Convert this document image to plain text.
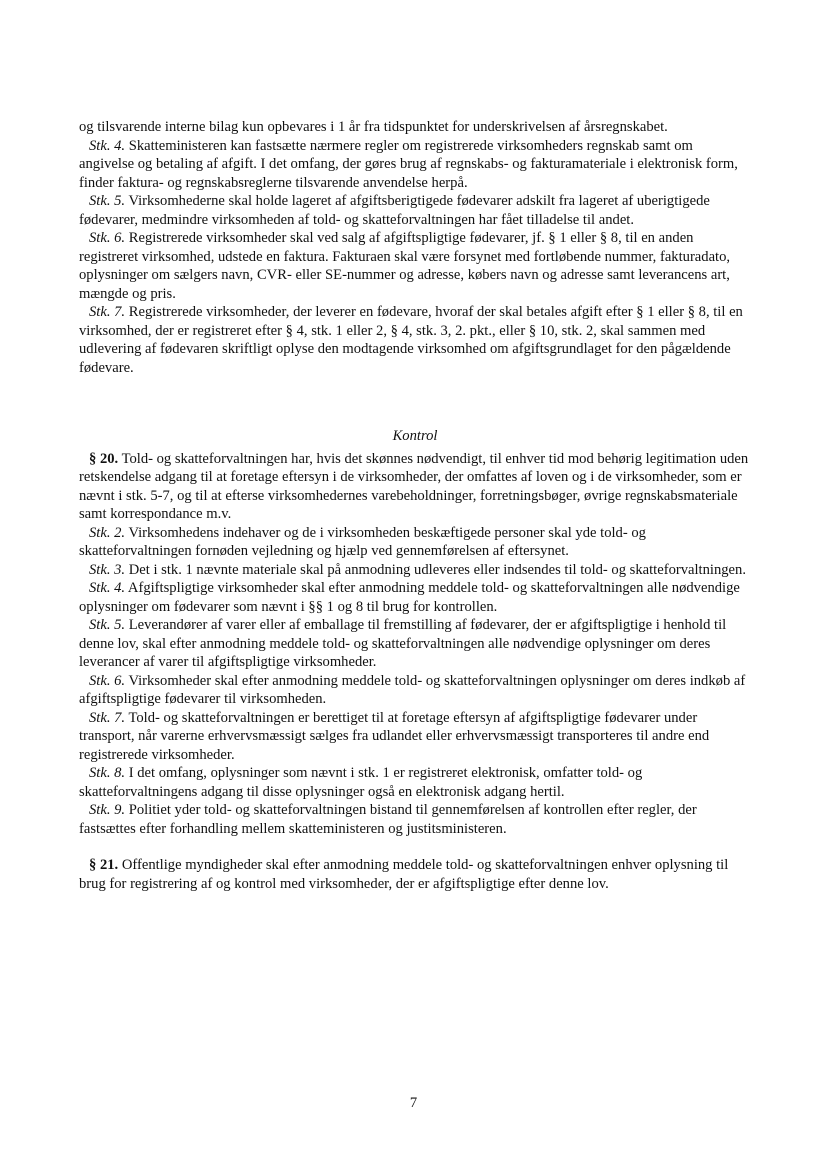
og tilsvarende interne bilag kun opbevares i 1 år fra tidspunktet for underskrivelsen af årsregnskabet.

Stk. 4. Skatteministeren kan fastsætte nærmere regler om registrerede virksomheders regnskab samt om angivelse og betaling af afgift. I det omfang, der gøres brug af regnskabs- og fakturamateriale i elektronisk form, finder faktura- og regnskabsreglerne tilsvarende anvendelse herpå.

Stk. 5. Virksomhederne skal holde lageret af afgiftsberigtigede fødevarer adskilt fra lageret af uberigtigede fødevarer, medmindre virksomheden af told- og skatteforvaltningen har fået tilladelse til andet.

Stk. 6. Registrerede virksomheder skal ved salg af afgiftspligtige fødevarer, jf. § 1 eller § 8, til en anden registreret virksomhed, udstede en faktura. Fakturaen skal være forsynet med fortløbende nummer, fakturadato, oplysninger om sælgers navn, CVR- eller SE-nummer og adresse, købers navn og adresse samt leverancens art, mængde og pris.

Stk. 7. Registrerede virksomheder, der leverer en fødevare, hvoraf der skal betales afgift efter § 1 eller § 8, til en virksomhed, der er registreret efter § 4, stk. 1 eller 2, § 4, stk. 3, 2. pkt., eller § 10, stk. 2, skal sammen med udlevering af fødevaren skriftligt oplyse den modtagende virksomhed om afgiftsgrundlaget for den pågældende fødevare.

Kontrol

§ 20. Told- og skatteforvaltningen har, hvis det skønnes nødvendigt, til enhver tid mod behørig legitimation uden retskendelse adgang til at foretage eftersyn i de virksomheder, der omfattes af loven og i de virksomheder, som er nævnt i stk. 5-7, og til at efterse virksomhedernes varebeholdninger, forretningsbøger, øvrige regnskabsmateriale samt korrespondance m.v.

Stk. 2. Virksomhedens indehaver og de i virksomheden beskæftigede personer skal yde told- og skatteforvaltningen fornøden vejledning og hjælp ved gennemførelsen af eftersynet.

Stk. 3. Det i stk. 1 nævnte materiale skal på anmodning udleveres eller indsendes til told- og skatteforvaltningen.

Stk. 4. Afgiftspligtige virksomheder skal efter anmodning meddele told- og skatteforvaltningen alle nødvendige oplysninger om fødevarer som nævnt i §§ 1 og 8 til brug for kontrollen.

Stk. 5. Leverandører af varer eller af emballage til fremstilling af fødevarer, der er afgiftspligtige i henhold til denne lov, skal efter anmodning meddele told- og skatteforvaltningen alle nødvendige oplysninger om deres leverancer af varer til afgiftspligtige virksomheder.

Stk. 6. Virksomheder skal efter anmodning meddele told- og skatteforvaltningen oplysninger om deres indkøb af afgiftspligtige fødevarer til virksomheden.

Stk. 7. Told- og skatteforvaltningen er berettiget til at foretage eftersyn af afgiftspligtige fødevarer under transport, når varerne erhvervsmæssigt sælges fra udlandet eller erhvervsmæssigt transporteres til andre end registrerede virksomheder.

Stk. 8. I det omfang, oplysninger som nævnt i stk. 1 er registreret elektronisk, omfatter told- og skatteforvaltningens adgang til disse oplysninger også en elektronisk adgang hertil.

Stk. 9. Politiet yder told- og skatteforvaltningen bistand til gennemførelsen af kontrollen efter regler, der fastsættes efter forhandling mellem skatteministeren og justitsministeren.

§ 21. Offentlige myndigheder skal efter anmodning meddele told- og skatteforvaltningen enhver oplysning til brug for registrering af og kontrol med virksomheder, der er afgiftspligtige efter denne lov.

7
